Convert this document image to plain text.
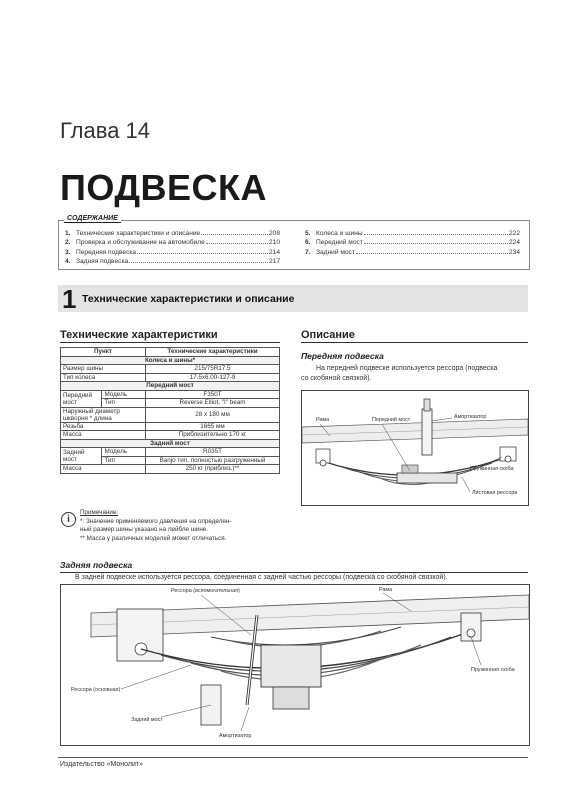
Глава 14
ПОДВЕСКА
1. Технические характеристики и описание	208
2. Проверка и обслуживание на автомобиле	210
3. Передняя подвеска	214
4. Задняя подвеска	217
5. Колеса и шины	222
6. Передний мост	224
7. Задний мост	234
СОДЕРЖАНИЕ
1 Технические характеристики и описание
Технические характеристики
Пункт		Технические характеристики
Колеса и шины*		
Размер шины		215/75R17.5
Тип колеса		17.5x6.00-127-9
Передний мост		
Передний мост	Модель	F350T
	Тип	Reverse Elliot, "I" beam
Наружный диаметр шкворня * длина		28 x 180 мм
Резьба		1665 мм
Масса		Приблизительно 170 кг
Задний мост		
Задний мост	Модель	R035T
	Тип	Banjo тип, полностью разгруженный
Масса		250 кг (приблиз.)**
i
Примечание:
*: Значение применяемого давления на определен-
ный размер шины указано на лейбле шине.
** Масса у различных моделей может отличаться.
Описание
Передняя подвеска
На передней подвеске используется рессора (подвеска
со скобяной связкой).
Рама	Передний мост	Амортизатор
Пружинная скоба
Листовая рессора
Задняя подвеска
В задней подвеске используется рессора, соединенная с задней частью рессоры (подвеска со скобяной связкой).
Рессора (вспомогательная)	Рама
Пружинная скоба
Рессора (основная)
Задний мост
Амортизатор
Издательство «Монолит»
